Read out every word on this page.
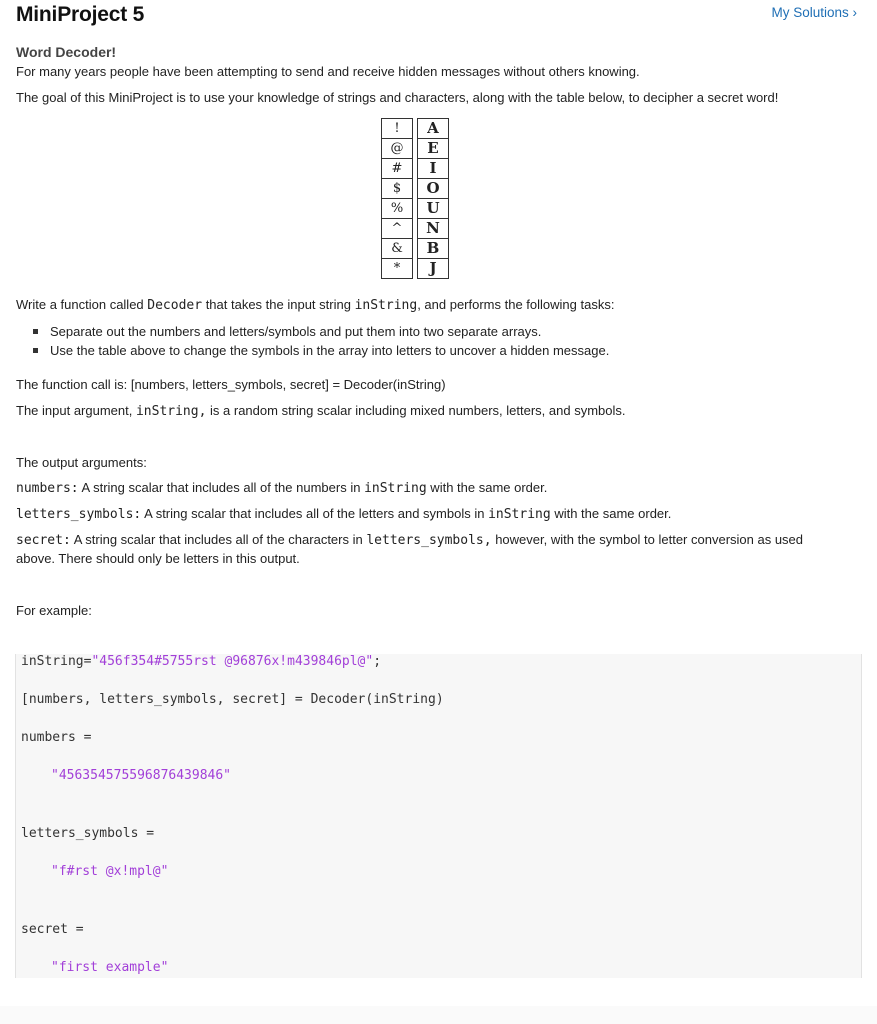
MiniProject 5	My Solutions ›
Word Decoder!
For many years people have been attempting to send and receive hidden messages without others knowing.
The goal of this MiniProject is to use your knowledge of strings and characters, along with the table below, to decipher a secret word!
!		A
@		E
#		I
$		O
%		U
^		N
&		B
*		J
Write a function called Decoder that takes the input string inString, and performs the following tasks:
Separate out the numbers and letters/symbols and put them into two separate arrays.
Use the table above to change the symbols in the array into letters to uncover a hidden message.
The function call is: [numbers, letters_symbols, secret] = Decoder(inString)
The input argument, inString, is a random string scalar including mixed numbers, letters, and symbols.
The output arguments:
numbers: A string scalar that includes all of the numbers in inString with the same order.
letters_symbols: A string scalar that includes all of the letters and symbols in inString with the same order.
secret: A string scalar that includes all of the characters in letters_symbols, however, with the symbol to letter conversion as used
above. There should only be letters in this output.
For example:
inString="456f354#5755rst @96876x!m439846pl@";
[numbers, letters_symbols, secret] = Decoder(inString)
numbers =
"456354575596876439846"
letters_symbols =
"f#rst @x!mpl@"
secret =
"first example"
